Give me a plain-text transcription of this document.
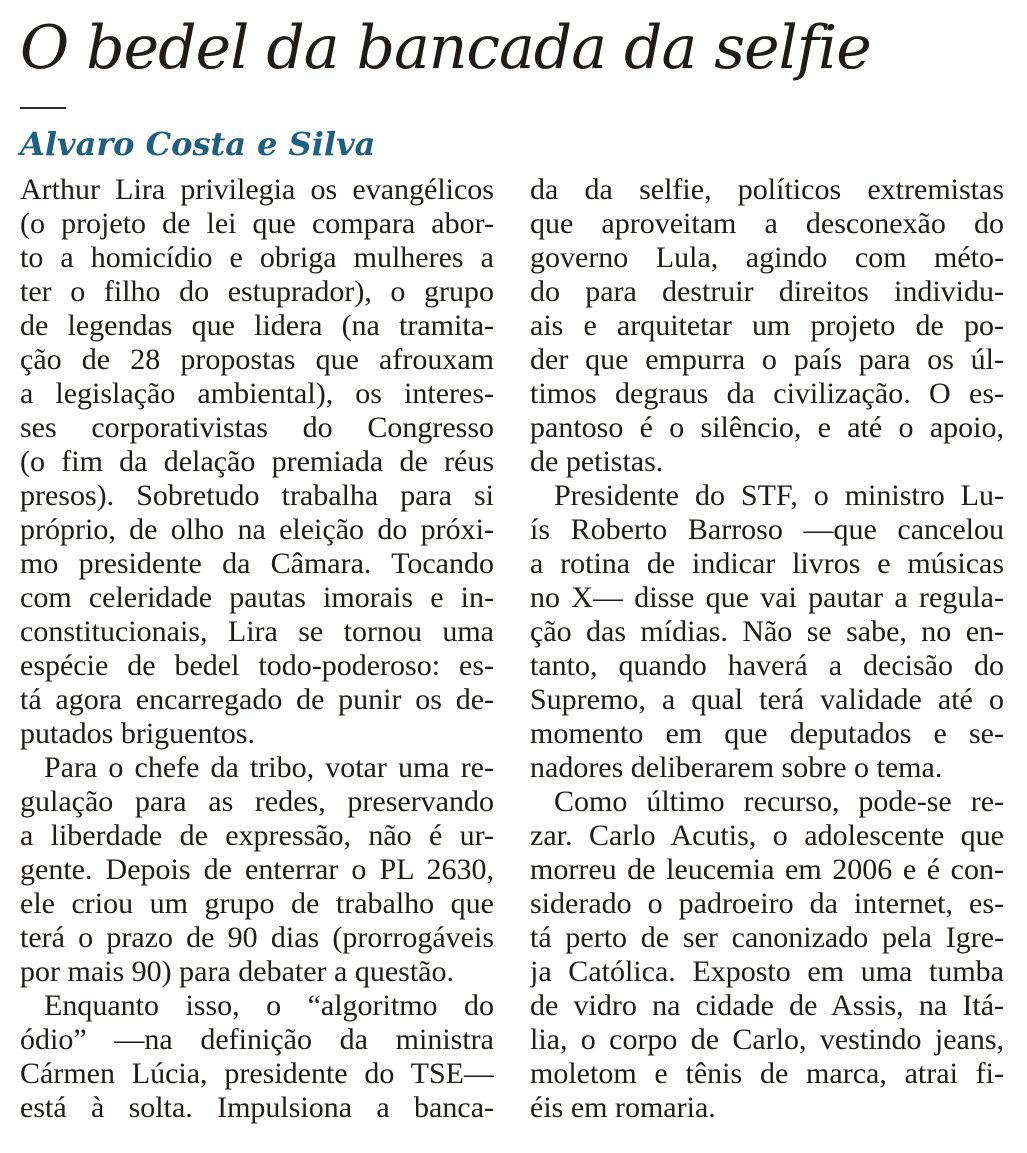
O bedel da bancada da selfie
Alvaro Costa e Silva
Arthur Lira privilegia os evangélicos
(o projeto de lei que compara abor-
to a homicídio e obriga mulheres a
ter o filho do estuprador), o grupo
de legendas que lidera (na tramita-
ção de 28 propostas que afrouxam
a legislação ambiental), os interes-
ses corporativistas do Congresso
(o fim da delação premiada de réus
presos). Sobretudo trabalha para si
próprio, de olho na eleição do próxi-
mo presidente da Câmara. Tocando
com celeridade pautas imorais e in-
constitucionais, Lira se tornou uma
espécie de bedel todo-poderoso: es-
tá agora encarregado de punir os de-
putados briguentos.
Para o chefe da tribo, votar uma re-
gulação para as redes, preservando
a liberdade de expressão, não é ur-
gente. Depois de enterrar o PL 2630,
ele criou um grupo de trabalho que
terá o prazo de 90 dias (prorrogáveis
por mais 90) para debater a questão.
Enquanto isso, o “algoritmo do
ódio” —na definição da ministra
Cármen Lúcia, presidente do TSE—
está à solta. Impulsiona a banca-
da da selfie, políticos extremistas
que aproveitam a desconexão do
governo Lula, agindo com méto-
do para destruir direitos individu-
ais e arquitetar um projeto de po-
der que empurra o país para os úl-
timos degraus da civilização. O es-
pantoso é o silêncio, e até o apoio,
de petistas.
Presidente do STF, o ministro Lu-
ís Roberto Barroso —que cancelou
a rotina de indicar livros e músicas
no X— disse que vai pautar a regula-
ção das mídias. Não se sabe, no en-
tanto, quando haverá a decisão do
Supremo, a qual terá validade até o
momento em que deputados e se-
nadores deliberarem sobre o tema.
Como último recurso, pode-se re-
zar. Carlo Acutis, o adolescente que
morreu de leucemia em 2006 e é con-
siderado o padroeiro da internet, es-
tá perto de ser canonizado pela Igre-
ja Católica. Exposto em uma tumba
de vidro na cidade de Assis, na Itá-
lia, o corpo de Carlo, vestindo jeans,
moletom e tênis de marca, atrai fi-
éis em romaria.
